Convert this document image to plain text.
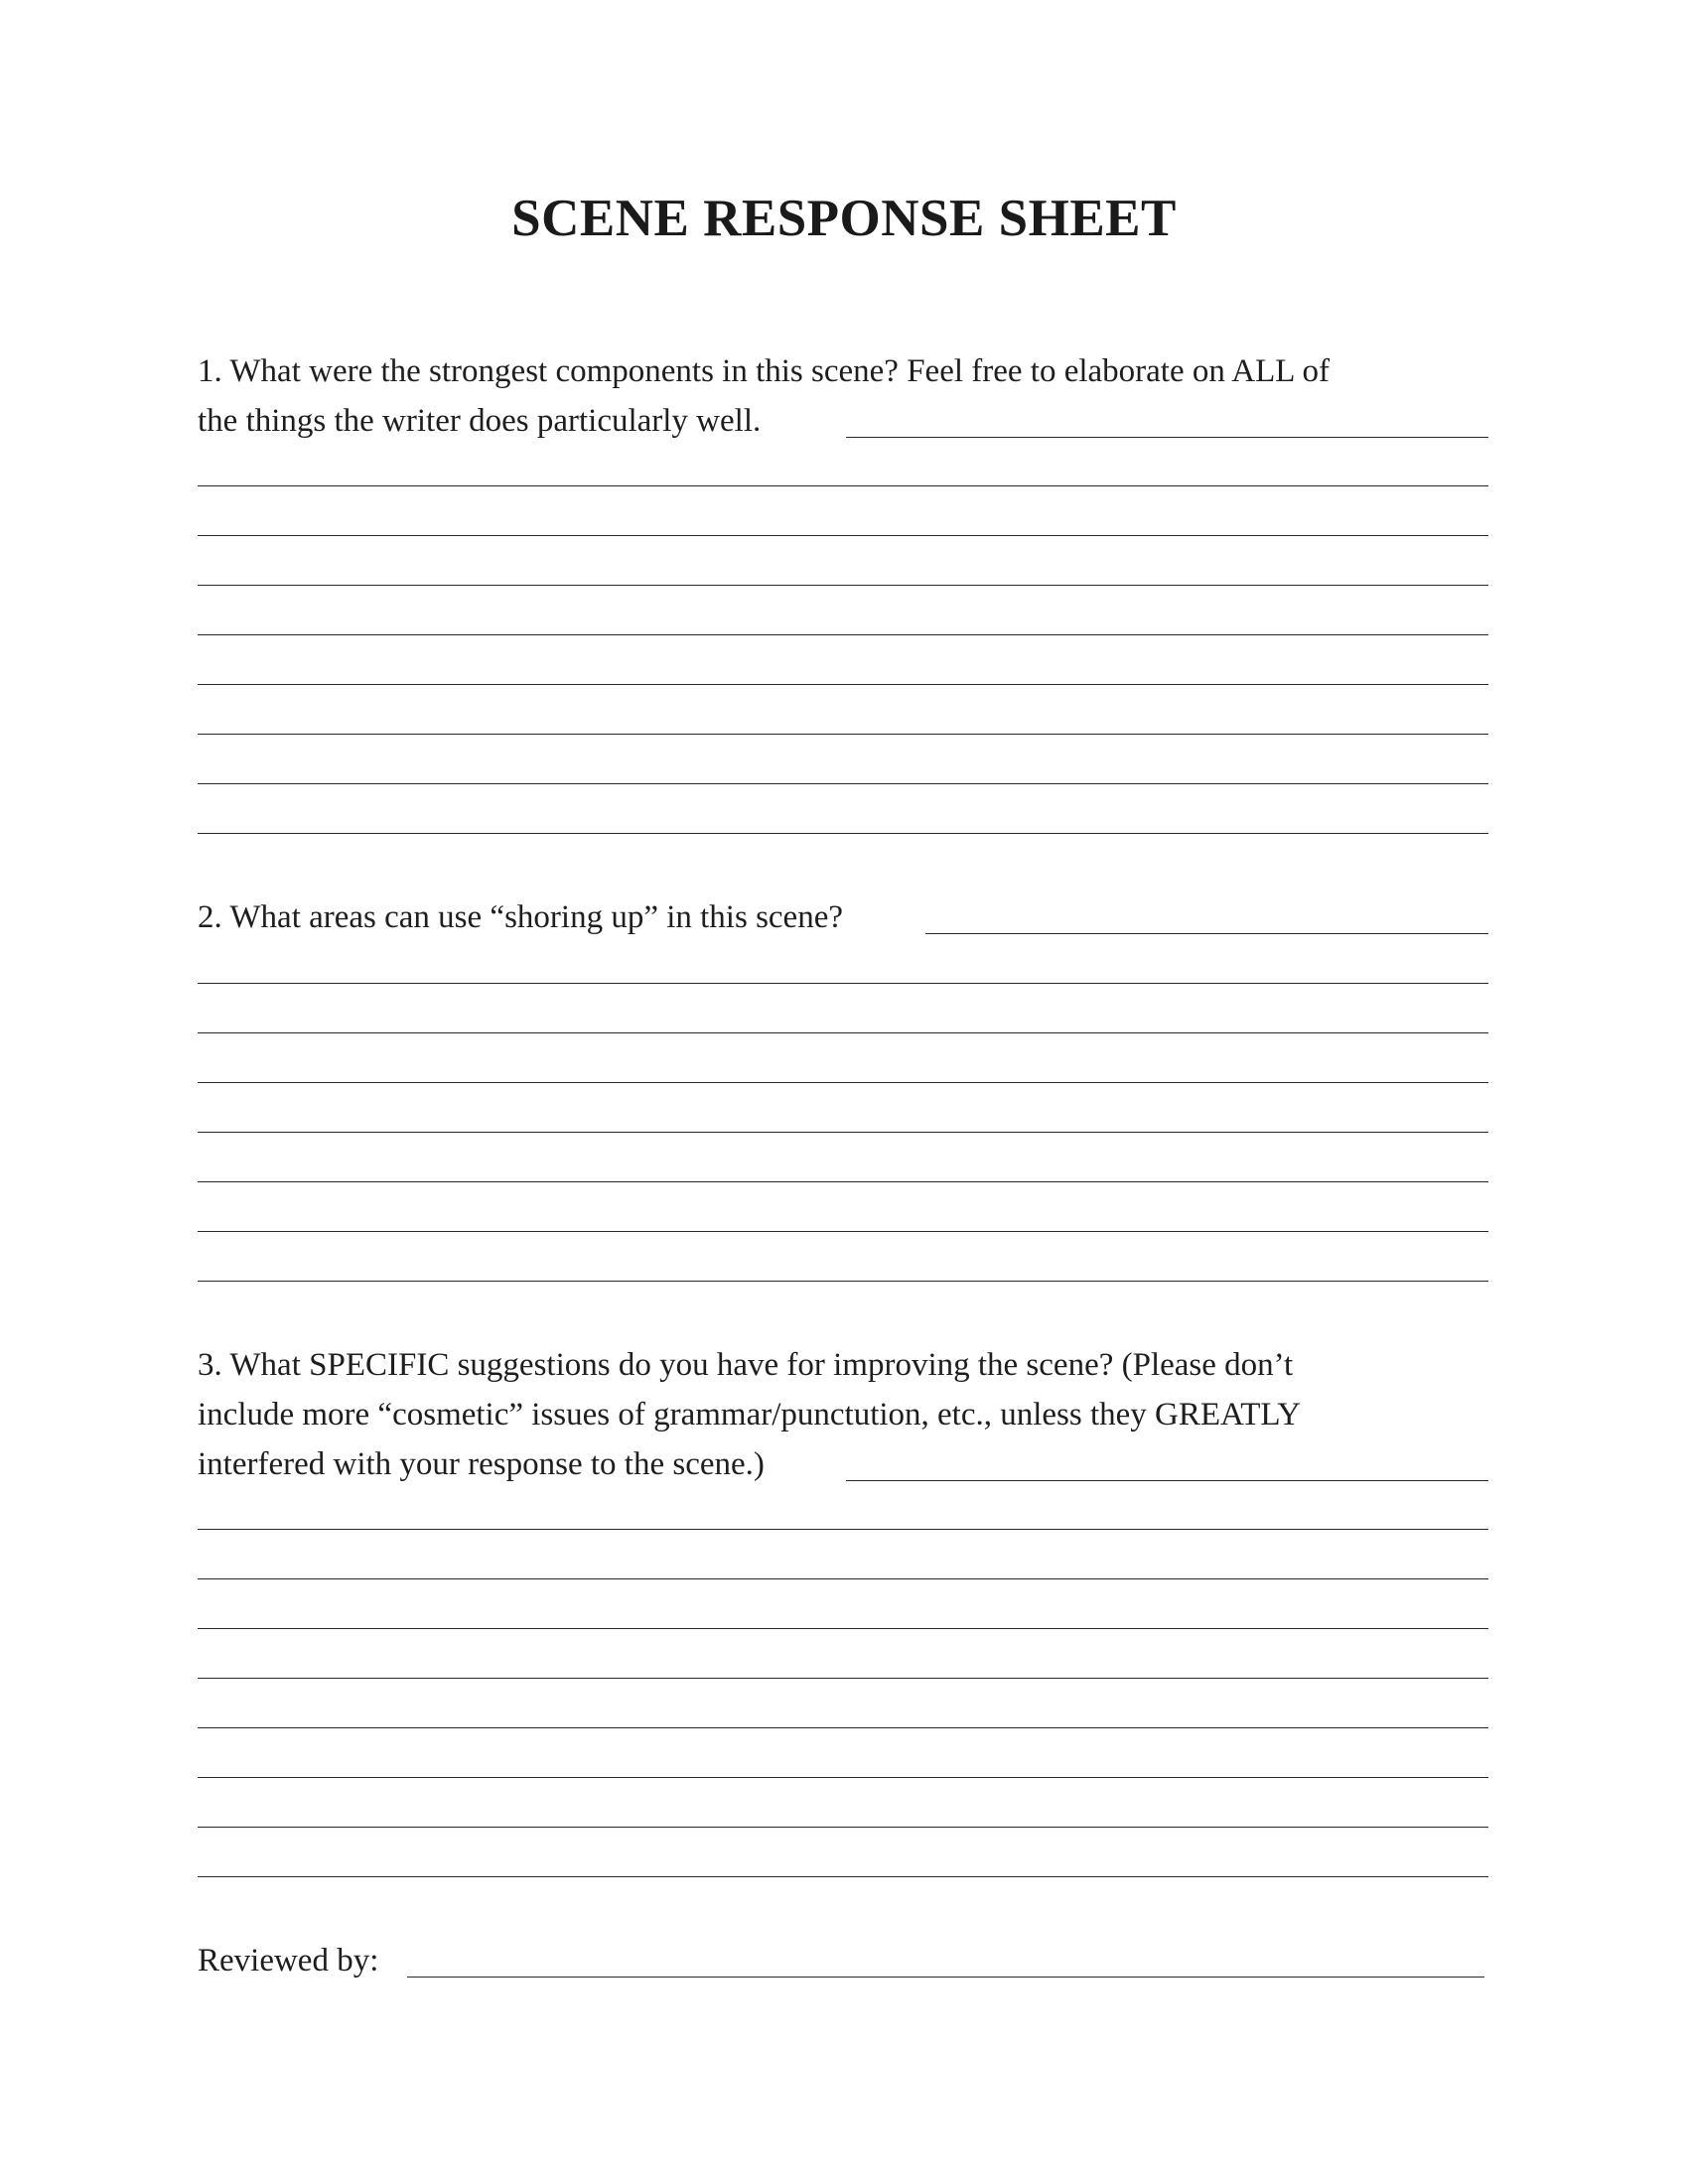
SCENE RESPONSE SHEET
1. What were the strongest components in this scene? Feel free to elaborate on ALL of
the things the writer does particularly well.
2. What areas can use “shoring up” in this scene?
3. What SPECIFIC suggestions do you have for improving the scene? (Please don’t
include more “cosmetic” issues of grammar/punctution, etc., unless they GREATLY
interfered with your response to the scene.)
Reviewed by:
